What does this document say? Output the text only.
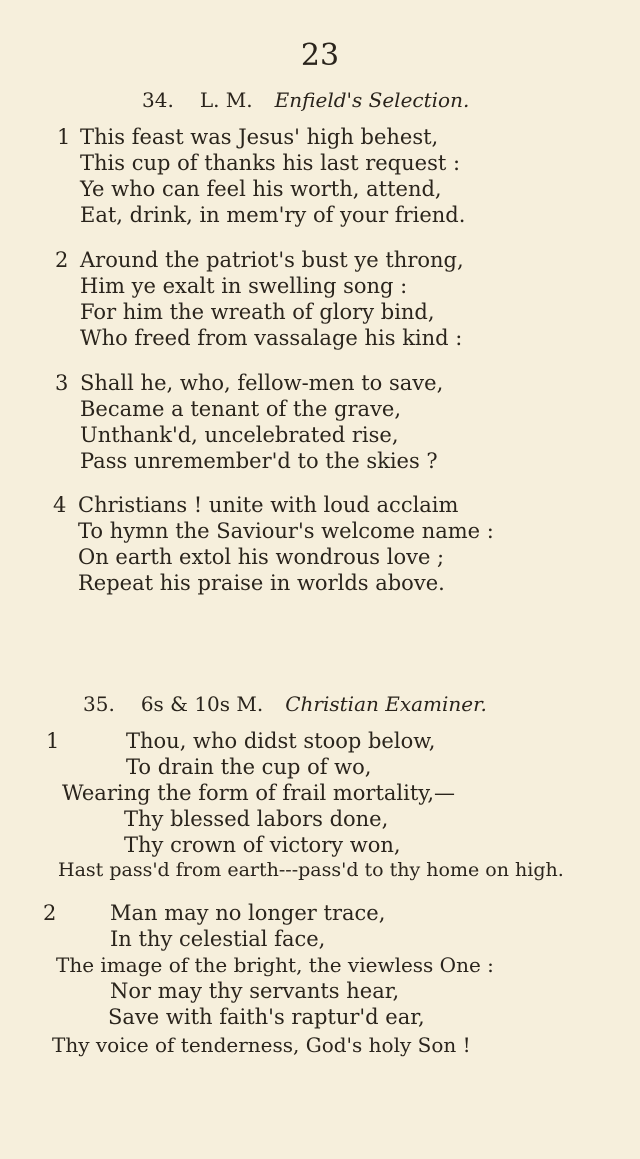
23
34. L. M. Enfield's Selection.
1 This feast was Jesus' high behest,
This cup of thanks his last request :
Ye who can feel his worth, attend,
Eat, drink, in mem'ry of your friend.
2 Around the patriot's bust ye throng,
Him ye exalt in swelling song :
For him the wreath of glory bind,
Who freed from vassalage his kind :
3 Shall he, who, fellow-men to save,
Became a tenant of the grave,
Unthank'd, uncelebrated rise,
Pass unremember'd to the skies ?
4 Christians ! unite with loud acclaim
To hymn the Saviour's welcome name :
On earth extol his wondrous love ;
Repeat his praise in worlds above.
35. 6s & 10s M. Christian Examiner.
1	Thou, who didst stoop below,
To drain the cup of wo,
Wearing the form of frail mortality,—
Thy blessed labors done,
Thy crown of victory won,
Hast pass'd from earth---pass'd to thy home on high.
2	Man may no longer trace,
In thy celestial face,
The image of the bright, the viewless One :
Nor may thy servants hear,
Save with faith's raptur'd ear,
Thy voice of tenderness, God's holy Son !
